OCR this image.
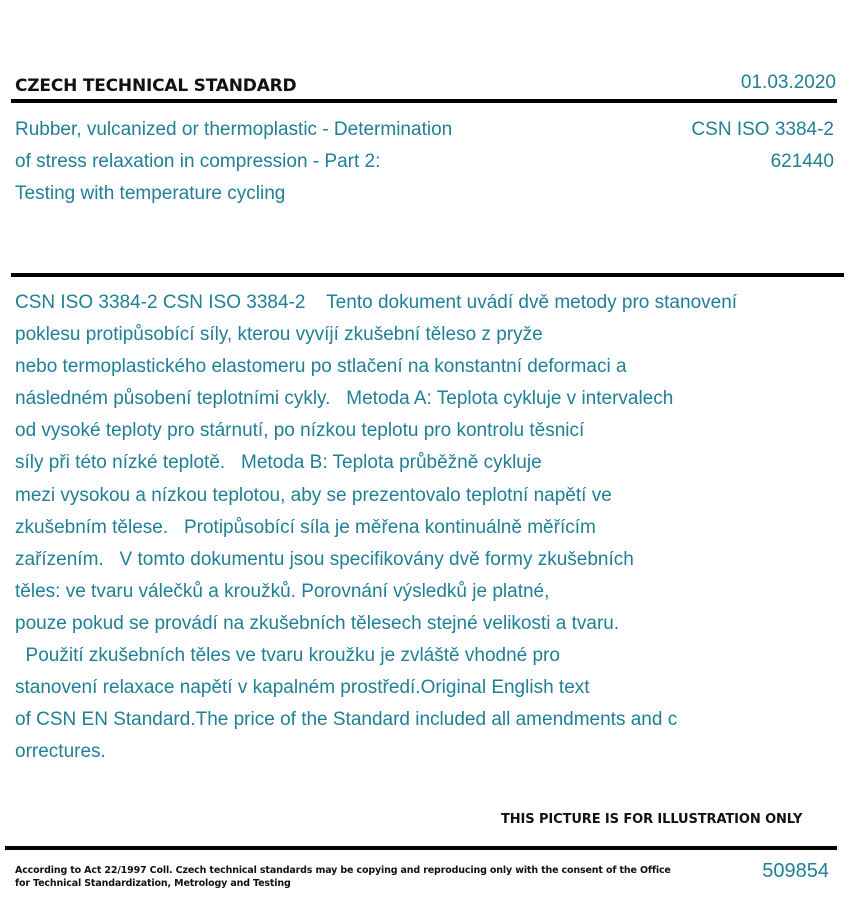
CZECH TECHNICAL STANDARD	01.03.2020
Rubber, vulcanized or thermoplastic - Determination
of stress relaxation in compression - Part 2:
Testing with temperature cycling
CSN ISO 3384-2
621440
CSN ISO 3384-2 CSN ISO 3384-2    Tento dokument uvádí dvě metody pro stanovení
poklesu protipůsobící síly, kterou vyvíjí zkušební těleso z pryže
nebo termoplastického elastomeru po stlačení na konstantní deformaci a
následném působení teplotními cykly.   Metoda A: Teplota cykluje v intervalech
od vysoké teploty pro stárnutí, po nízkou teplotu pro kontrolu těsnicí
síly při této nízké teplotě.   Metoda B: Teplota průběžně cykluje
mezi vysokou a nízkou teplotou, aby se prezentovalo teplotní napětí ve
zkušebním tělese.   Protipůsobící síla je měřena kontinuálně měřícím
zařízením.   V tomto dokumentu jsou specifikovány dvě formy zkušebních
těles: ve tvaru válečků a kroužků. Porovnání výsledků je platné,
pouze pokud se provádí na zkušebních tělesech stejné velikosti a tvaru.
Použití zkušebních těles ve tvaru kroužku je zvláště vhodné pro
stanovení relaxace napětí v kapalném prostředí.Original English text
of CSN EN Standard.The price of the Standard included all amendments and c
orrectures.
THIS PICTURE IS FOR ILLUSTRATION ONLY
According to Act 22/1997 Coll. Czech technical standards may be copying and reproducing only with the consent of the Office
for Technical Standardization, Metrology and Testing
509854
